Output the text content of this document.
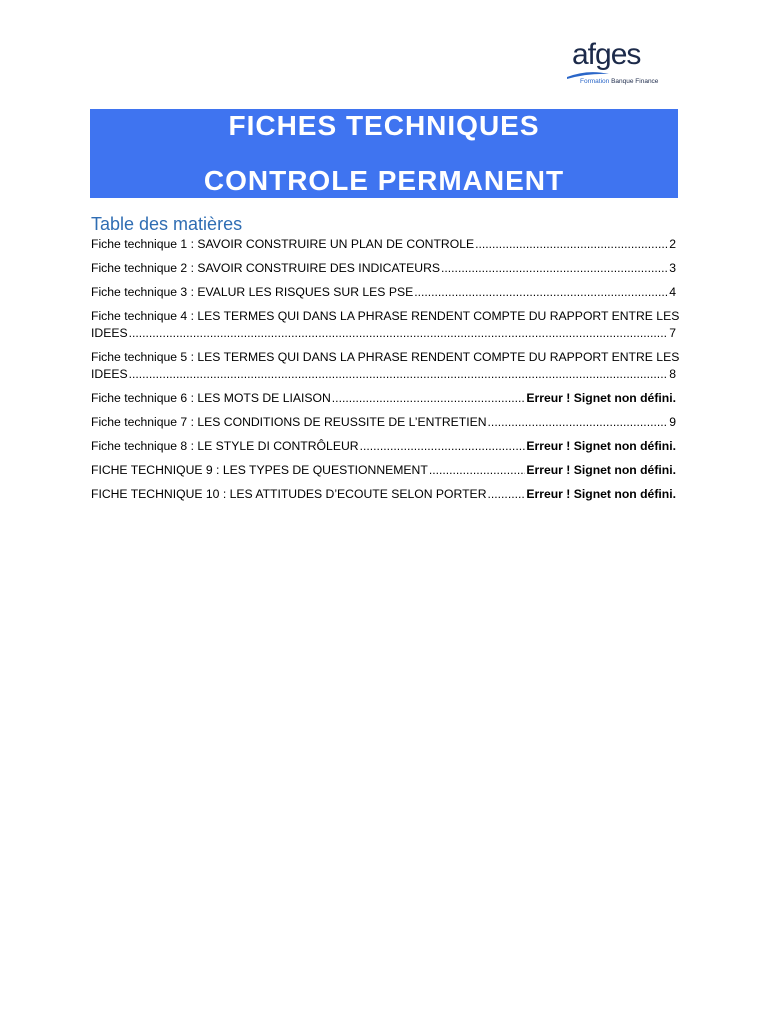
afges
Formation Banque Finance
FICHES TECHNIQUES
CONTROLE PERMANENT
Table des matières
Fiche technique 1 : SAVOIR CONSTRUIRE UN PLAN DE CONTROLE .....	2
Fiche technique 2 : SAVOIR CONSTRUIRE DES INDICATEURS .....	3
Fiche technique 3 : EVALUR LES RISQUES SUR LES PSE .....	4
Fiche technique 4 : LES TERMES QUI DANS LA PHRASE RENDENT COMPTE DU RAPPORT ENTRE LES
IDEES .....	7
Fiche technique 5 : LES TERMES QUI DANS LA PHRASE RENDENT COMPTE DU RAPPORT ENTRE LES
IDEES .....	8
Fiche technique 6 : LES MOTS DE LIAISON .....	Erreur ! Signet non défini.
Fiche technique 7 : LES CONDITIONS DE REUSSITE DE L’ENTRETIEN .....	9
Fiche technique 8 : LE STYLE DI CONTRÔLEUR .....	Erreur ! Signet non défini.
FICHE TECHNIQUE 9 : LES TYPES DE QUESTIONNEMENT .....	Erreur ! Signet non défini.
FICHE TECHNIQUE 10 : LES ATTITUDES D’ECOUTE SELON PORTER .....	Erreur ! Signet non défini.
